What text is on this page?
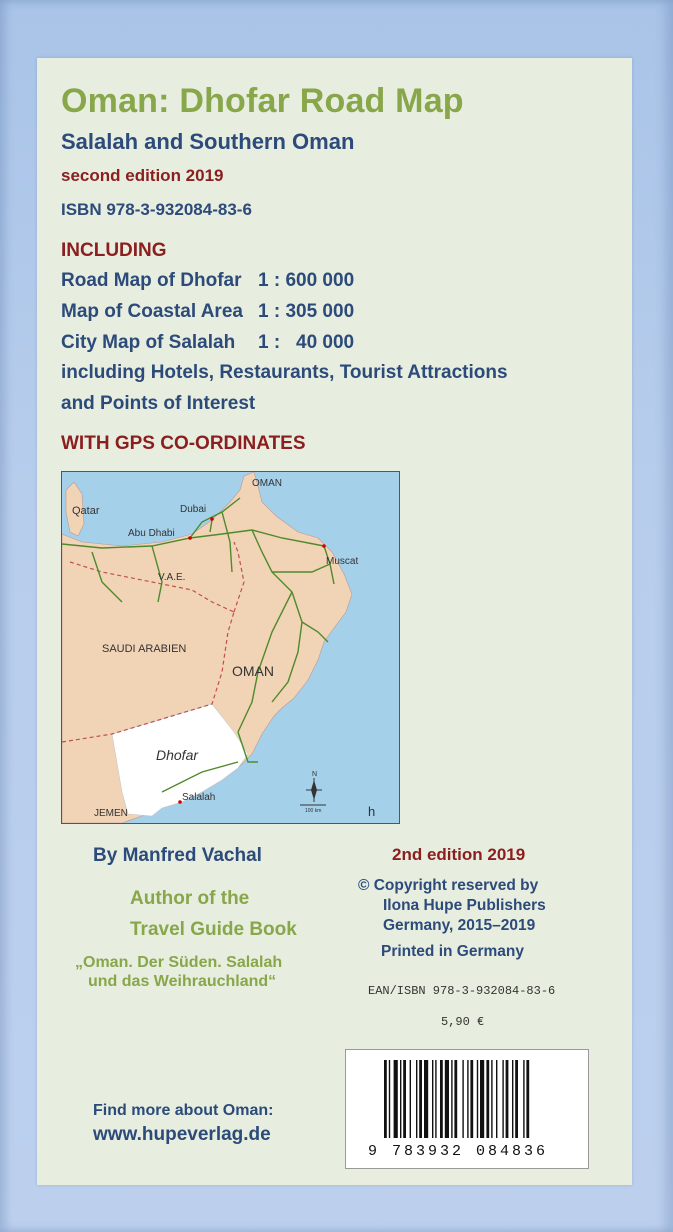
Oman: Dhofar Road Map
Salalah and Southern Oman
second edition 2019
ISBN 978-3-932084-83-6
INCLUDING
Road Map of Dhofar 1 : 600 000
Map of Coastal Area 1 : 305 000
City Map of Salalah 1 :   40 000
including Hotels, Restaurants, Tourist Attractions
and Points of Interest
WITH GPS CO-ORDINATES
OMAN
Qatar	Dubai
Abu Dhabi
Muscat
V.A.E.
SAUDI ARABIEN
OMAN
Dhofar
Salalah
JEMEN
N
100 km	h
By Manfred Vachal
Author of the
Travel Guide Book
„Oman. Der Süden. Salalah
und das Weihrauchland“
2nd edition 2019
© Copyright reserved by
Ilona Hupe Publishers
Germany, 2015–2019
Printed in Germany
EAN/ISBN 978-3-932084-83-6
5,90 €
Find more about Oman:
www.hupeverlag.de
9 783932 084836
